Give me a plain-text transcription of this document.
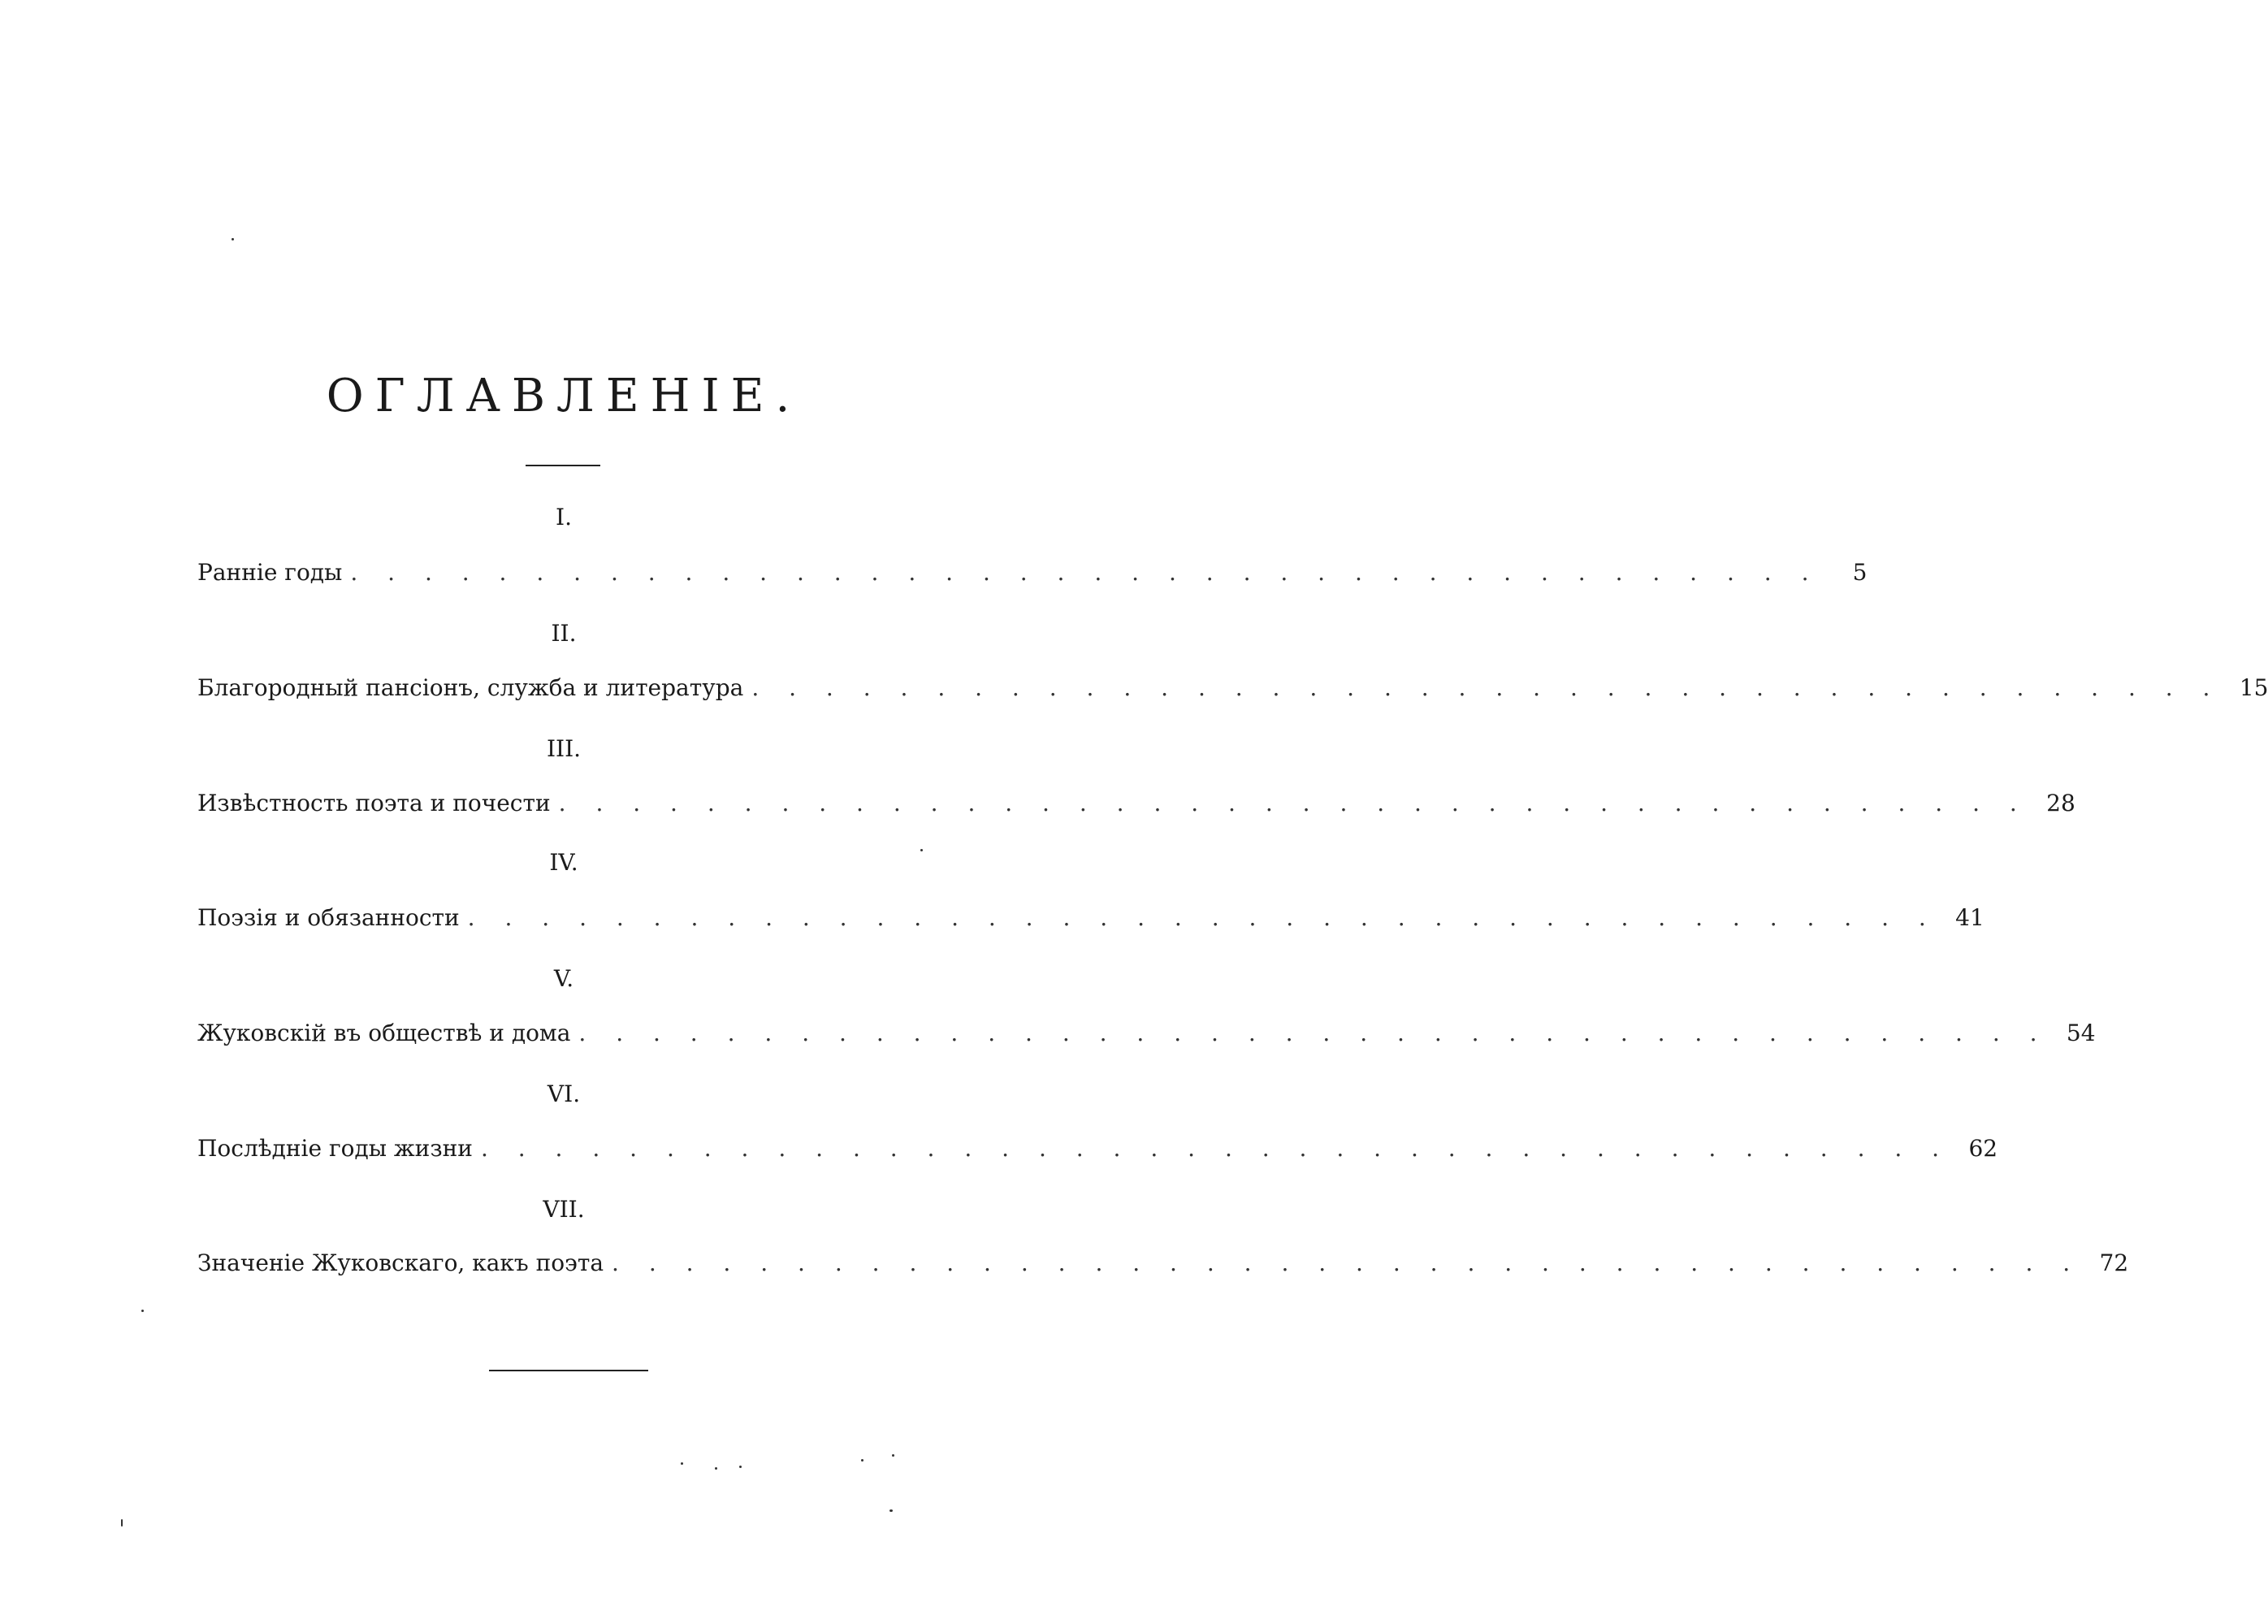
ОГЛАВЛЕНІЕ.
I.
Ранніе годы . . . . . . . . . . . . . . . . . . . . . . . . . . . . . . . . . . . . . . . .	5
II.
Благородный пансіонъ, служба и литература . . . . . . . . . . . . . . . . . . . . . . . . . . . . . . . . . . . . . . . . 15
III.
Извѣстность поэта и почести . . . . . . . . . . . . . . . . . . . . . . . . . . . . . . . . . . . . . . . . 28
IV.
Поэзія и обязанности . . . . . . . . . . . . . . . . . . . . . . . . . . . . . . . . . . . . . . . . 41
V.
Жуковскій въ обществѣ и дома . . . . . . . . . . . . . . . . . . . . . . . . . . . . . . . . . . . . . . . . 54
VI.
Послѣдніе годы жизни . . . . . . . . . . . . . . . . . . . . . . . . . . . . . . . . . . . . . . . . 62
VII.
Значеніе Жуковскаго, какъ поэта . . . . . . . . . . . . . . . . . . . . . . . . . . . . . . . . . . . . . . . . 72
